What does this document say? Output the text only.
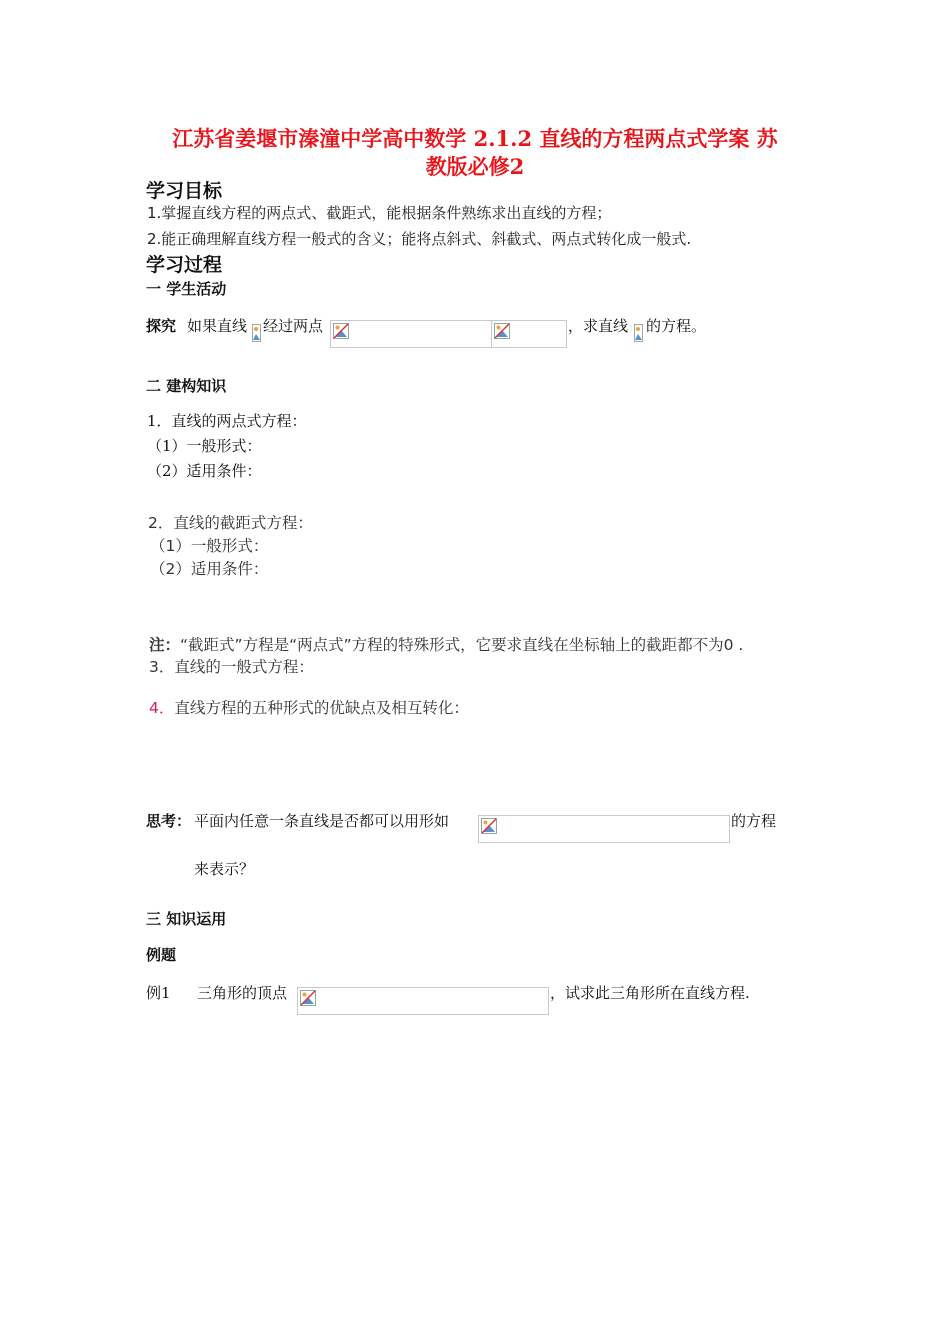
江苏省姜堰市溱潼中学高中数学 2.1.2 直线的方程两点式学案 苏
教版必修2
学习目标
1.掌握直线方程的两点式、截距式，能根据条件熟练求出直线的方程；
2.能正确理解直线方程一般式的含义；能将点斜式、斜截式、两点式转化成一般式.
学习过程
一 学生活动
探究 如果直线 经过两点	，求直线 的方程。
二 建构知识
1．直线的两点式方程：
（1）一般形式：
（2）适用条件：
2．直线的截距式方程：
（1）一般形式：
（2）适用条件：
注：“截距式”方程是“两点式”方程的特殊形式，它要求直线在坐标轴上的截距都不为0 .
3．直线的一般式方程：
4．直线方程的五种形式的优缺点及相互转化：
思考： 平面内任意一条直线是否都可以用形如	的方程
来表示？
三 知识运用
例题
例1 三角形的顶点	，试求此三角形所在直线方程.
